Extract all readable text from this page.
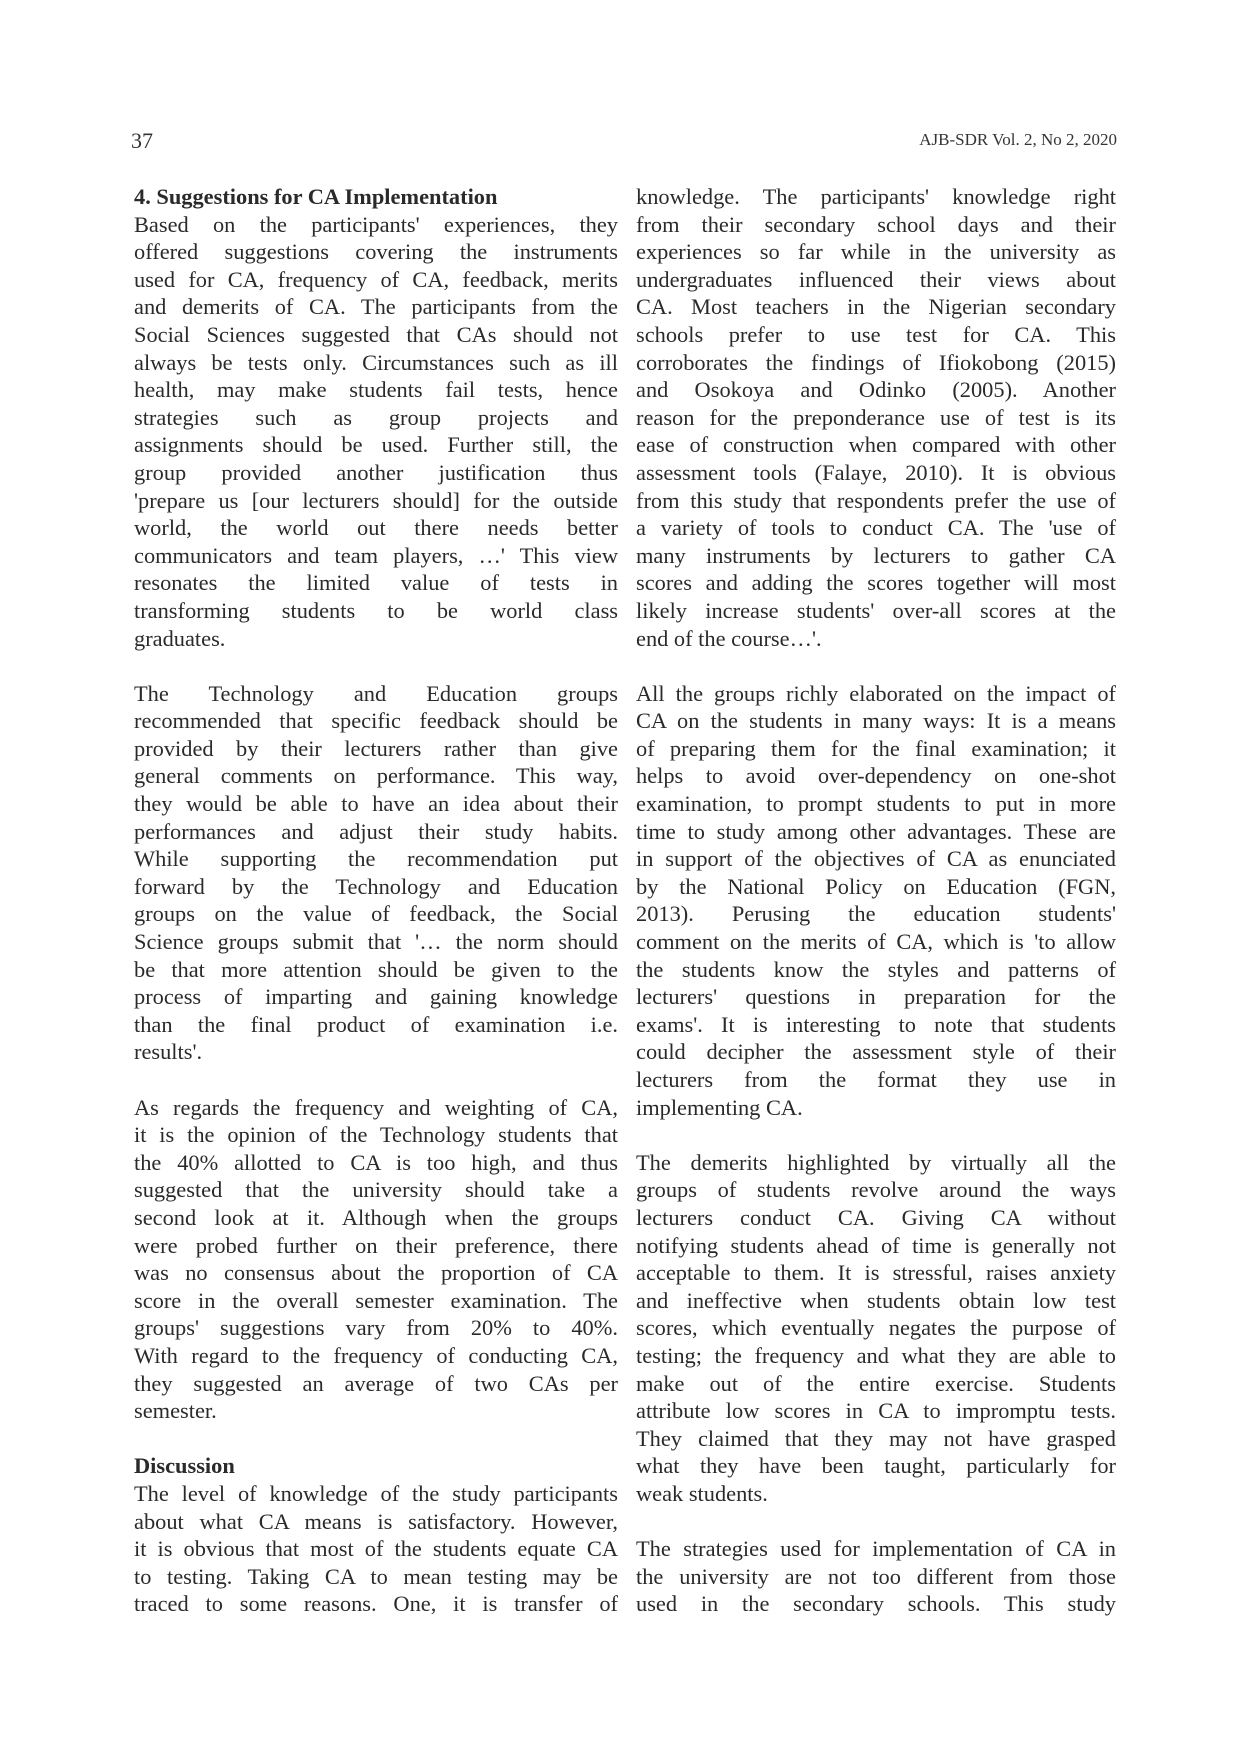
37	AJB-SDR Vol. 2, No 2, 2020
4. Suggestions for CA Implementation
Based on the participants' experiences, they
offered suggestions covering the instruments
used for CA, frequency of CA, feedback, merits
and demerits of CA. The participants from the
Social Sciences suggested that CAs should not
always be tests only. Circumstances such as ill
health, may make students fail tests, hence
strategies such as group projects and
assignments should be used. Further still, the
group provided another justification thus
'prepare us [our lecturers should] for the outside
world, the world out there needs better
communicators and team players, …' This view
resonates the limited value of tests in
transforming students to be world class
graduates.
The Technology and Education groups
recommended that specific feedback should be
provided by their lecturers rather than give
general comments on performance. This way,
they would be able to have an idea about their
performances and adjust their study habits.
While supporting the recommendation put
forward by the Technology and Education
groups on the value of feedback, the Social
Science groups submit that '… the norm should
be that more attention should be given to the
process of imparting and gaining knowledge
than the final product of examination i.e.
results'.
As regards the frequency and weighting of CA,
it is the opinion of the Technology students that
the 40% allotted to CA is too high, and thus
suggested that the university should take a
second look at it. Although when the groups
were probed further on their preference, there
was no consensus about the proportion of CA
score in the overall semester examination. The
groups' suggestions vary from 20% to 40%.
With regard to the frequency of conducting CA,
they suggested an average of two CAs per
semester.
Discussion
The level of knowledge of the study participants
about what CA means is satisfactory. However,
it is obvious that most of the students equate CA
to testing. Taking CA to mean testing may be
traced to some reasons. One, it is transfer of
knowledge. The participants' knowledge right
from their secondary school days and their
experiences so far while in the university as
undergraduates influenced their views about
CA. Most teachers in the Nigerian secondary
schools prefer to use test for CA. This
corroborates the findings of Ifiokobong (2015)
and Osokoya and Odinko (2005). Another
reason for the preponderance use of test is its
ease of construction when compared with other
assessment tools (Falaye, 2010). It is obvious
from this study that respondents prefer the use of
a variety of tools to conduct CA. The 'use of
many instruments by lecturers to gather CA
scores and adding the scores together will most
likely increase students' over-all scores at the
end of the course…'.
All the groups richly elaborated on the impact of
CA on the students in many ways: It is a means
of preparing them for the final examination; it
helps to avoid over-dependency on one-shot
examination, to prompt students to put in more
time to study among other advantages. These are
in support of the objectives of CA as enunciated
by the National Policy on Education (FGN,
2013). Perusing the education students'
comment on the merits of CA, which is 'to allow
the students know the styles and patterns of
lecturers' questions in preparation for the
exams'. It is interesting to note that students
could decipher the assessment style of their
lecturers from the format they use in
implementing CA.
The demerits highlighted by virtually all the
groups of students revolve around the ways
lecturers conduct CA. Giving CA without
notifying students ahead of time is generally not
acceptable to them. It is stressful, raises anxiety
and ineffective when students obtain low test
scores, which eventually negates the purpose of
testing; the frequency and what they are able to
make out of the entire exercise. Students
attribute low scores in CA to impromptu tests.
They claimed that they may not have grasped
what they have been taught, particularly for
weak students.
The strategies used for implementation of CA in
the university are not too different from those
used in the secondary schools. This study
